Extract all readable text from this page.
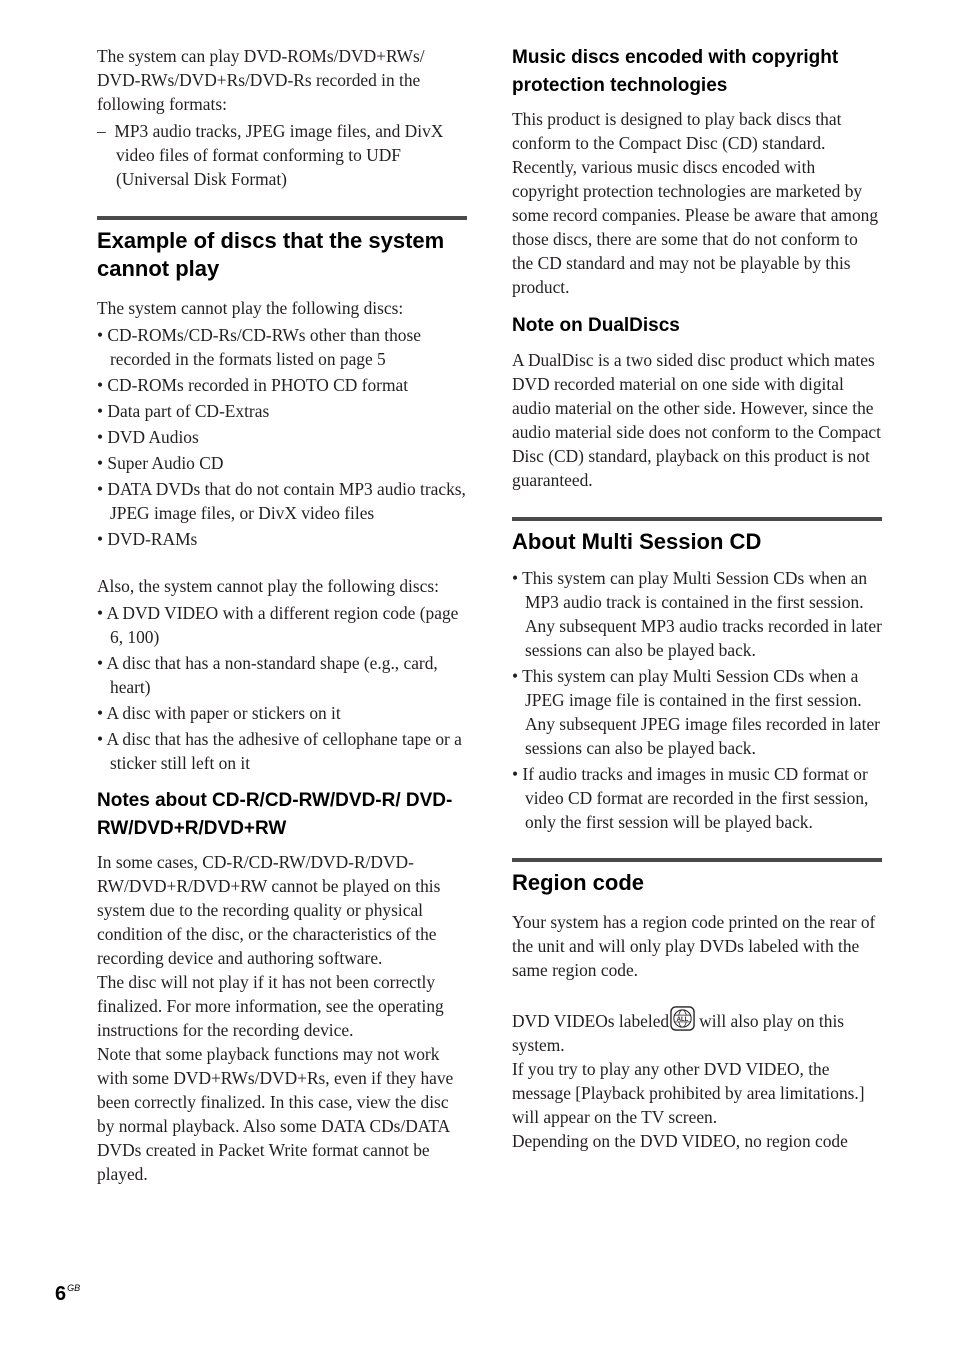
The system can play DVD-ROMs/DVD+RWs/ DVD-RWs/DVD+Rs/DVD-Rs recorded in the following formats:

– MP3 audio tracks, JPEG image files, and DivX video files of format conforming to UDF (Universal Disk Format)
Example of discs that the system cannot play

The system cannot play the following discs:

• CD-ROMs/CD-Rs/CD-RWs other than those recorded in the formats listed on page 5
• CD-ROMs recorded in PHOTO CD format
• Data part of CD-Extras
• DVD Audios
• Super Audio CD
• DATA DVDs that do not contain MP3 audio tracks, JPEG image files, or DivX video files
• DVD-RAMs

Also, the system cannot play the following discs:

• A DVD VIDEO with a different region code (page 6, 100)
• A disc that has a non-standard shape (e.g., card, heart)
• A disc with paper or stickers on it
• A disc that has the adhesive of cellophane tape or a sticker still left on it
Notes about CD-R/CD-RW/DVD-R/ DVD-RW/DVD+R/DVD+RW

In some cases, CD-R/CD-RW/DVD-R/DVD-RW/DVD+R/DVD+RW cannot be played on this system due to the recording quality or physical condition of the disc, or the characteristics of the recording device and authoring software.

The disc will not play if it has not been correctly finalized. For more information, see the operating instructions for the recording device.

Note that some playback functions may not work with some DVD+RWs/DVD+Rs, even if they have been correctly finalized. In this case, view the disc by normal playback. Also some DATA CDs/DATA DVDs created in Packet Write format cannot be played.

Music discs encoded with copyright protection technologies

This product is designed to play back discs that conform to the Compact Disc (CD) standard. Recently, various music discs encoded with copyright protection technologies are marketed by some record companies. Please be aware that among those discs, there are some that do not conform to the CD standard and may not be playable by this product.

Note on DualDiscs

A DualDisc is a two sided disc product which mates DVD recorded material on one side with digital audio material on the other side. However, since the audio material side does not conform to the Compact Disc (CD) standard, playback on this product is not guaranteed.

About Multi Session CD
• This system can play Multi Session CDs when an MP3 audio track is contained in the first session. Any subsequent MP3 audio tracks recorded in later sessions can also be played back.
• This system can play Multi Session CDs when a JPEG image file is contained in the first session. Any subsequent JPEG image files recorded in later sessions can also be played back.
• If audio tracks and images in music CD format or video CD format are recorded in the first session, only the first session will be played back.
Region code

Your system has a region code printed on the rear of the unit and will only play DVDs labeled with the same region code.

DVD VIDEOs labeled ALL will also play on this system.

If you try to play any other DVD VIDEO, the message [Playback prohibited by area limitations.] will appear on the TV screen.

Depending on the DVD VIDEO, no region code

$6^{GB}$
